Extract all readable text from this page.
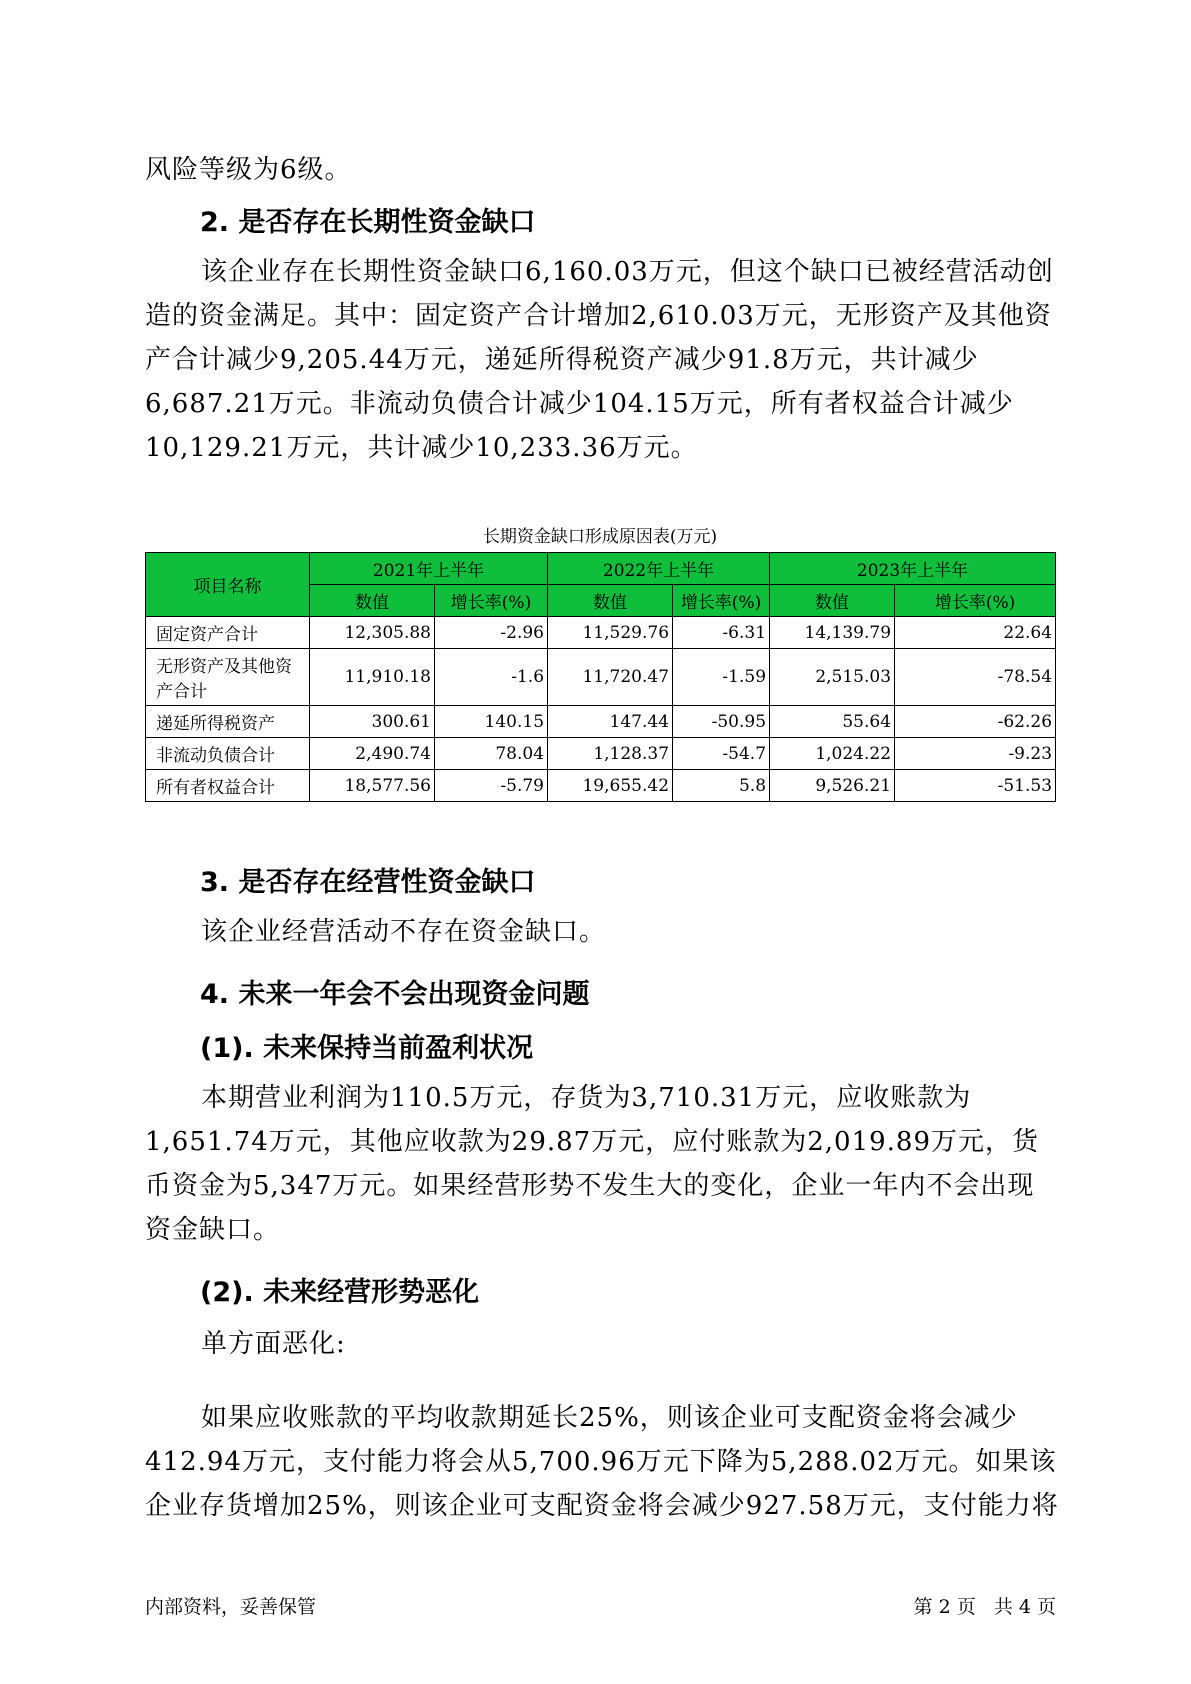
风险等级为6级。

2. 是否存在长期性资金缺口

该企业存在长期性资金缺口6,160.03万元，但这个缺口已被经营活动创造的资金满足。其中：固定资产合计增加2,610.03万元，无形资产及其他资产合计减少9,205.44万元，递延所得税资产减少91.8万元，共计减少6,687.21万元。非流动负债合计减少104.15万元，所有者权益合计减少10,129.21万元，共计减少10,233.36万元。

长期资金缺口形成原因表(万元)

项目名称	2021年上半年		2022年上半年		2023年上半年	
	数值	增长率(%)	数值	增长率(%)	数值	增长率(%)
固定资产合计	12,305.88	-2.96	11,529.76	-6.31	14,139.79	22.64
无形资产及其他资产合计	11,910.18	-1.6	11,720.47	-1.59	2,515.03	-78.54
递延所得税资产	300.61	140.15	147.44	-50.95	55.64	-62.26
非流动负债合计	2,490.74	78.04	1,128.37	-54.7	1,024.22	-9.23
所有者权益合计	18,577.56	-5.79	19,655.42	5.8	9,526.21	-51.53
3. 是否存在经营性资金缺口

该企业经营活动不存在资金缺口。

4. 未来一年会不会出现资金问题
(1). 未来保持当前盈利状况

本期营业利润为110.5万元，存货为3,710.31万元，应收账款为1,651.74万元，其他应收款为29.87万元，应付账款为2,019.89万元，货币资金为5,347万元。如果经营形势不发生大的变化，企业一年内不会出现资金缺口。

(2). 未来经营形势恶化

单方面恶化:

如果应收账款的平均收款期延长25%，则该企业可支配资金将会减少412.94万元，支付能力将会从5,700.96万元下降为5,288.02万元。如果该企业存货增加25%，则该企业可支配资金将会减少927.58万元，支付能力将

内部资料，妥善保管	第 2 页   共 4 页
